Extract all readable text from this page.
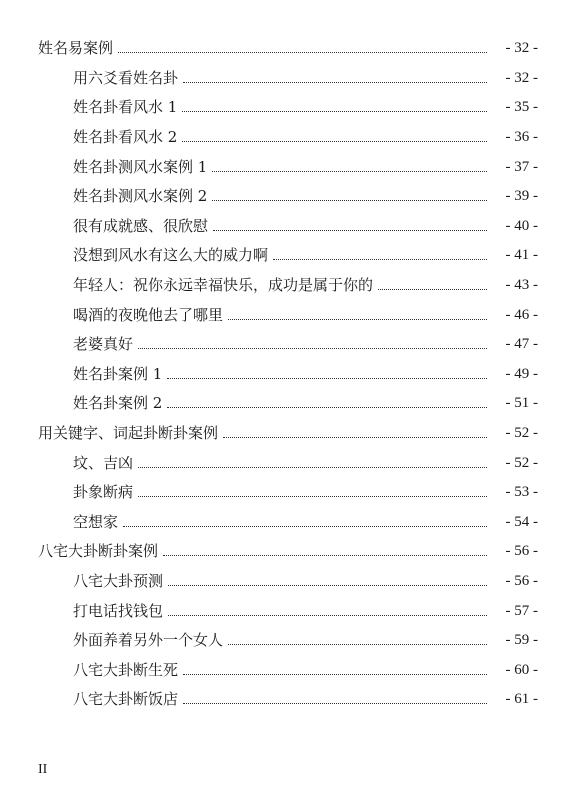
姓名易案例	- 32 -
用六爻看姓名卦	- 32 -
姓名卦看风水 1	- 35 -
姓名卦看风水 2	- 36 -
姓名卦测风水案例 1	- 37 -
姓名卦测风水案例 2	- 39 -
很有成就感、很欣慰	- 40 -
没想到风水有这么大的威力啊	- 41 -
年轻人：祝你永远幸福快乐，成功是属于你的	- 43 -
喝酒的夜晚他去了哪里	- 46 -
老婆真好	- 47 -
姓名卦案例 1	- 49 -
姓名卦案例 2	- 51 -
用关键字、词起卦断卦案例	- 52 -
坟、吉凶	- 52 -
卦象断病	- 53 -
空想家	- 54 -
八宅大卦断卦案例	- 56 -
八宅大卦预测	- 56 -
打电话找钱包	- 57 -
外面养着另外一个女人	- 59 -
八宅大卦断生死	- 60 -
八宅大卦断饭店	- 61 -
II
